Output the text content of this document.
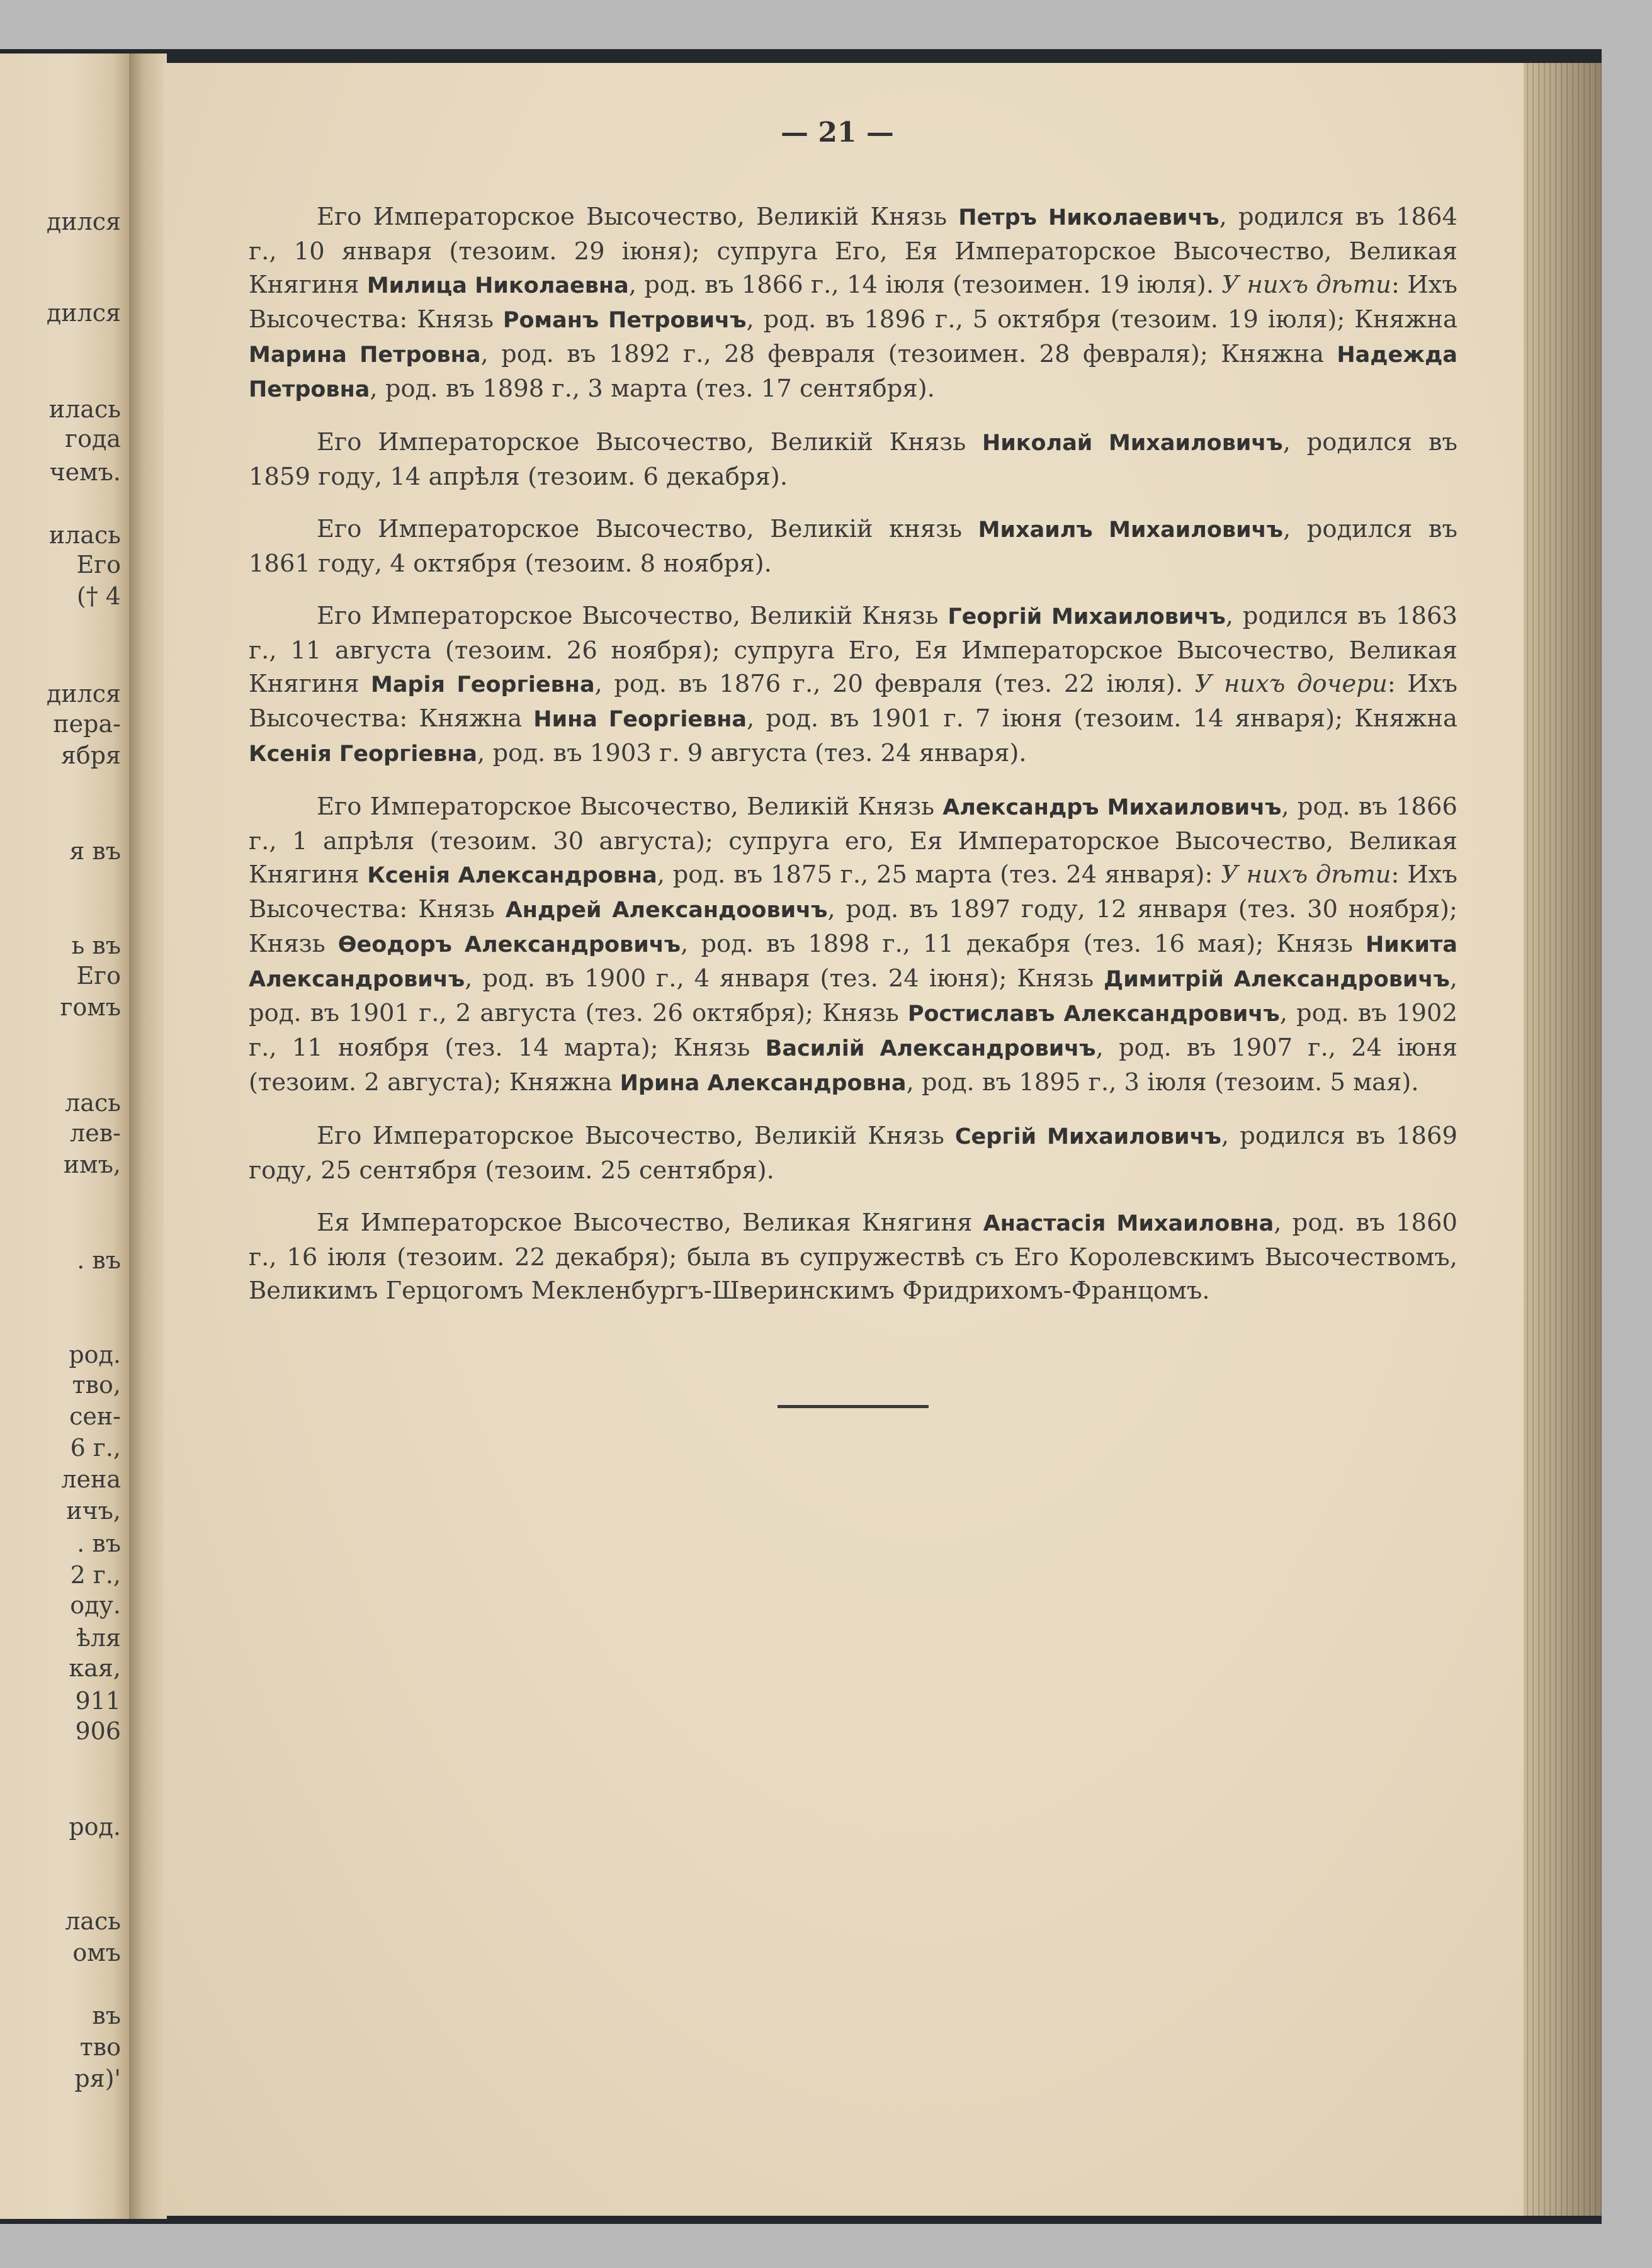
дился
дился
илась
года
чемъ.
илась
Его
(† 4
дился
пера-
ября
я въ
ь въ
Его
гомъ
лась
лев-
имъ,
. въ
род.
тво,
сен-
6 г.,
лена
ичъ,
. въ
2 г.,
оду.
ѣля
кая,
911
906
род.
лась
омъ
въ
тво
ря)'
— 21 —

Его Императорское Высочество, Великій Князь Петръ Николаевичъ, родился въ 1864 г., 10 января (тезоим. 29 іюня); супруга Его, Ея Императорское Высочество, Великая Княгиня Милица Николаевна, род. въ 1866 г., 14 іюля (тезоимен. 19 іюля). У нихъ дѣти: Ихъ Высочества: Князь Романъ Петровичъ, род. въ 1896 г., 5 октября (тезоим. 19 іюля); Княжна Марина Петровна, род. въ 1892 г., 28 февраля (тезоимен. 28 февраля); Княжна Надежда Петровна, род. въ 1898 г., 3 марта (тез. 17 сентября).

Его Императорское Высочество, Великій Князь Николай Михаиловичъ, родился въ 1859 году, 14 апрѣля (тезоим. 6 декабря).

Его Императорское Высочество, Великій князь Михаилъ Михаиловичъ, родился въ 1861 году, 4 октября (тезоим. 8 ноября).

Его Императорское Высочество, Великій Князь Георгій Михаиловичъ, родился въ 1863 г., 11 августа (тезоим. 26 ноября); супруга Его, Ея Императорское Высочество, Великая Княгиня Марія Георгіевна, род. въ 1876 г., 20 февраля (тез. 22 іюля). У нихъ дочери: Ихъ Высочества: Княжна Нина Георгіевна, род. въ 1901 г. 7 іюня (тезоим. 14 января); Княжна Ксенія Георгіевна, род. въ 1903 г. 9 августа (тез. 24 января).

Его Императорское Высочество, Великій Князь Александръ Михаиловичъ, род. въ 1866 г., 1 апрѣля (тезоим. 30 августа); супруга его, Ея Императорское Высочество, Великая Княгиня Ксенія Александровна, род. въ 1875 г., 25 марта (тез. 24 января): У нихъ дѣти: Ихъ Высочества: Князь Андрей Александоовичъ, род. въ 1897 году, 12 января (тез. 30 ноября); Князь Өеодоръ Александровичъ, род. въ 1898 г., 11 декабря (тез. 16 мая); Князь Никита Александровичъ, род. въ 1900 г., 4 января (тез. 24 іюня); Князь Димитрій Александровичъ, род. въ 1901 г., 2 августа (тез. 26 октября); Князь Ростиславъ Александровичъ, род. въ 1902 г., 11 ноября (тез. 14 марта); Князь Василій Александровичъ, род. въ 1907 г., 24 іюня (тезоим. 2 августа); Княжна Ирина Александровна, род. въ 1895 г., 3 іюля (тезоим. 5 мая).

Его Императорское Высочество, Великій Князь Сергій Михаиловичъ, родился въ 1869 году, 25 сентября (тезоим. 25 сентября).

Ея Императорское Высочество, Великая Княгиня Анастасія Михаиловна, род. въ 1860 г., 16 іюля (тезоим. 22 декабря); была въ супружествѣ съ Его Королевскимъ Высочествомъ, Великимъ Герцогомъ Мекленбургъ-Шверинскимъ Фридрихомъ-Францомъ.
